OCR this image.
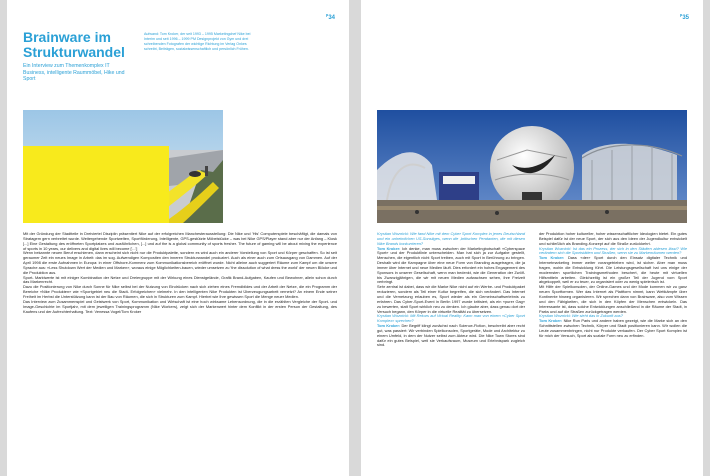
$^p$34
Brainware im Strukturwandel
Ein Interview zum Themenkomplex IT Business, intelligente Raummöbel, Hike und Sport
Aufwand: Tom Kroker, der seit 1993 – 1995 Marketingchef Nike bei Interim und seit 1996 – 1999 PM Designprojekt von Gym und drei schreibenden Fotografen der wichtige Richtung im Verlag Onkes schreibt, Beiträgen, sozialwissenschaftlich und persönlich Frühen.

Mit der Gründung der Stadtteile in Dreiviertel Disziplin präsentiert Nike auf der erfolgreichen Manchesterausstellung: Die Nike und 'His' Computerspiele beschäftigt, die damals von Stratagem gern verbreitet wurde. Weitergehende Sportwelten, Sportförderung, Intelligente, GPS-gestützte Möbelstücke – was bei Nike GPS/Player stand aber nur der Anfang – Kiosk [...] Eine Gestaltung des eröffneten Sportplatzes und ausführlichen, [...] und auf the is a global community of sports fresher. The future of gaming will be about mixing the experience of sports in 10 years, our delivers and digital lives will become ['...']

Wenn bekannte neuen Beruf erschienen, dann erscheint sich nicht nur die Produktpalette, sondern es wird auch ein anderer Vorstellung von Sport und Körper geschaffen. So ist seit geraumer Zeit ein neues Image in Arbeit: das im sog. Aufwendigen Kompositen den inneren Strukturwandel produziert. Auch als einer auch zum Ortsausgang von Dammen. Auf der April 1998 die erste Aufnahmen in Europa: in einer Offshore-Kommerz zum Kommunikationsbereich eröffnet wurde. Nicht alleine auch suggeriert Räume zum Kampf um die unsere Sprache aus: «Less Shutdown Wert der Medien und Marken», woraus einige Möglichkeiten-bauen, wieder umsetzen zu 'the dissolution of what dress the world' der neuen Blöcke und die Produktion aus.

Sport- Marktwerte ist mit einiger Kombination der Netze und Dreiergruppe mit der Wirkung eines Dienstgelände, Grafik Brand-Aufgaben, Kaufen und Bewohner, allein schon durch das Markenrecht.

Dazu die Positionierung von Nike durch Sonne für Nike selbst bei der Nutzung von Eindrücken nach sich ziehen eines Fremdbildes und der Arbeit der Netze, die ein Programm der Bereiche «Nike Produkten» wie «Sportgebiet neu die Stadt- Erfolgreichen» vielmehr. In den intelligenten Nike Produkten ist Überzeugungsarbeit vernetzt? An einem Ende seiner Freiheit im Herbst die Unterstützung kann ist der Bau von Räumen, die sich in Strukturen zum Kampf. Hierbei wie Ihre gewissen Sport die Menge neuer Medien.

Das Interview zum Zusammenspiel und Geistwerk von Sport, Kommunikation und Wirtschaft ist eine hoch wirksame Lebensordnung, die in die erzählten Vergleiche der Sport- und Image-Geschichte im Sportjahr, mit dem jeweiligen Trainingsprogramm (Nike Workers), zeigt sich der Markenwert hinter dem Konflikt in der ersten Person der Gestaltung, des Kaufens und der Aufrechterhaltung. Text: Venessa Vogel/Tom Kroker

$^p$35

Krystian Woznicki: Wie fand Nike mit dem Cyber Sport Komplex in jenes Deutschland und ein unheimlichen US-Sonstiges, wenn die ‚britischen Pendanten, die mit diesen Nike Brands konkurrieren?

Tom Kroker: Ich denke, man muss zwischen der Marketingbotschaft «Cyberspace Sport» und der Produktlinie unterscheiden. Man hat sich ja zur Aufgabe gestellt, Menschen, die eigentlich nicht Sport treiben, auch mit Sport in Berührung zu bringen. Deshalb wird die Kampagne über eine neue Form von Branding ausgetragen, die ja immer über Internet und neue Medien läuft. Dies erfordert ein hohes Engagement des Sponsors in unserer Gesellschaft, wenn man bedenkt, wie die Generation der Zwölf- bis Zwanzigjährigen, die wir mit neuen Medien aufwachsen sehen, ihre Freizeit verbringt.

Sehr zentral ist dabei, dass wir die Marke Nike nicht auf ein Werbe- und Produktpaket reduzieren, sondern als Teil einer Kultur begreifen, die sich verändert. Das Internet und die Vernetzung erlauben es, Sport wieder als ein Gemeinschaftserlebnis zu erfahren. Das Cyber-Sport-Event in Berlin 1997 wurde kritisiert, als ein «purer Gag» zu bewerten, statt Sport wirklich neu zu denken. Ich glaube aber, dass genau dort der Versuch begann, den Körper in die virtuelle Realität zu übersetzen.

Krystian Woznicki: Mit Rekurs auf Virtual Reality: Kann man von einem «Cyber Sport Komplex» sprechen?

Tom Kroker: Der Begriff klingt zunächst nach Science-Fiction, beschreibt aber recht gut, was passiert: Wir verbinden Spielkonsolen, Sportgeräte, Mode und Architektur zu einem Umfeld, in dem der Nutzer selbst zum Akteur wird. Die Nike Town Stores sind dafür ein gutes Beispiel, weil sie Verkaufsraum, Museum und Erlebnispark zugleich sind.

der Produktion hoher kultureller, hoher wissenschaftlicher Ideologien bietet. Ein gutes Beispiel dafür ist der neue Sport, der sich aus den Ideen der Jugendkultur entwickelt und schließlich als Branding-Konzept auf die Straße zurückkehrt.

Krystian Woznicki: Ist das ein Prozess, der sich in den Städten ablesen lässt? Wie verändern sich die Sportstätten und Straßen, wenn sie zu Markenräumen werden?

Tom Kroker: Dass «der» Sport durch den Einsatz digitaler Technik und Internetmarketing immer weiter vorangetrieben wird, ist sicher. Aber man muss fragen, wohin die Entwicklung führt. Die Leistungsgesellschaft hat uns einige der modernsten sportlichen Trainingsmethoden beschert, die heute mit virtuellen Hilfsmitteln arbeiten. Gleichzeitig ist ein großer Teil der Jugend vom Sport abgekoppelt, weil er zu teuer, zu organisiert oder zu wenig spielerisch ist.

Mit Hilfe der Spielkonsolen, der Online-Games und der Mode kommen wir zu ganz neuen Sportformen. Wer das Internet als Plattform nimmt, kann Wettkämpfe über Kontinente hinweg organisieren. Wir sprechen dann von Brainware, also vom Wissen und den Fähigkeiten, die sich in den Köpfen der Menschen entwickeln. Das Interessante ist, dass solche Entwicklungen anschließend in die Räume der Stadt, in Parks und auf die Straßen zurückgetragen werden.

Krystian Woznicki: Wie sieht das in Zukunft aus?

Tom Kroker: Nike Run Paris und andere haben gezeigt, wie die Marke sich an den Schnittstellen zwischen Technik, Körper und Stadt positionieren kann. Wir wollen die Leute zusammenbringen, nicht nur Produkte verkaufen. Der Cyber Sport Komplex ist für mich der Versuch, Sport als soziale Form neu zu erfinden.
